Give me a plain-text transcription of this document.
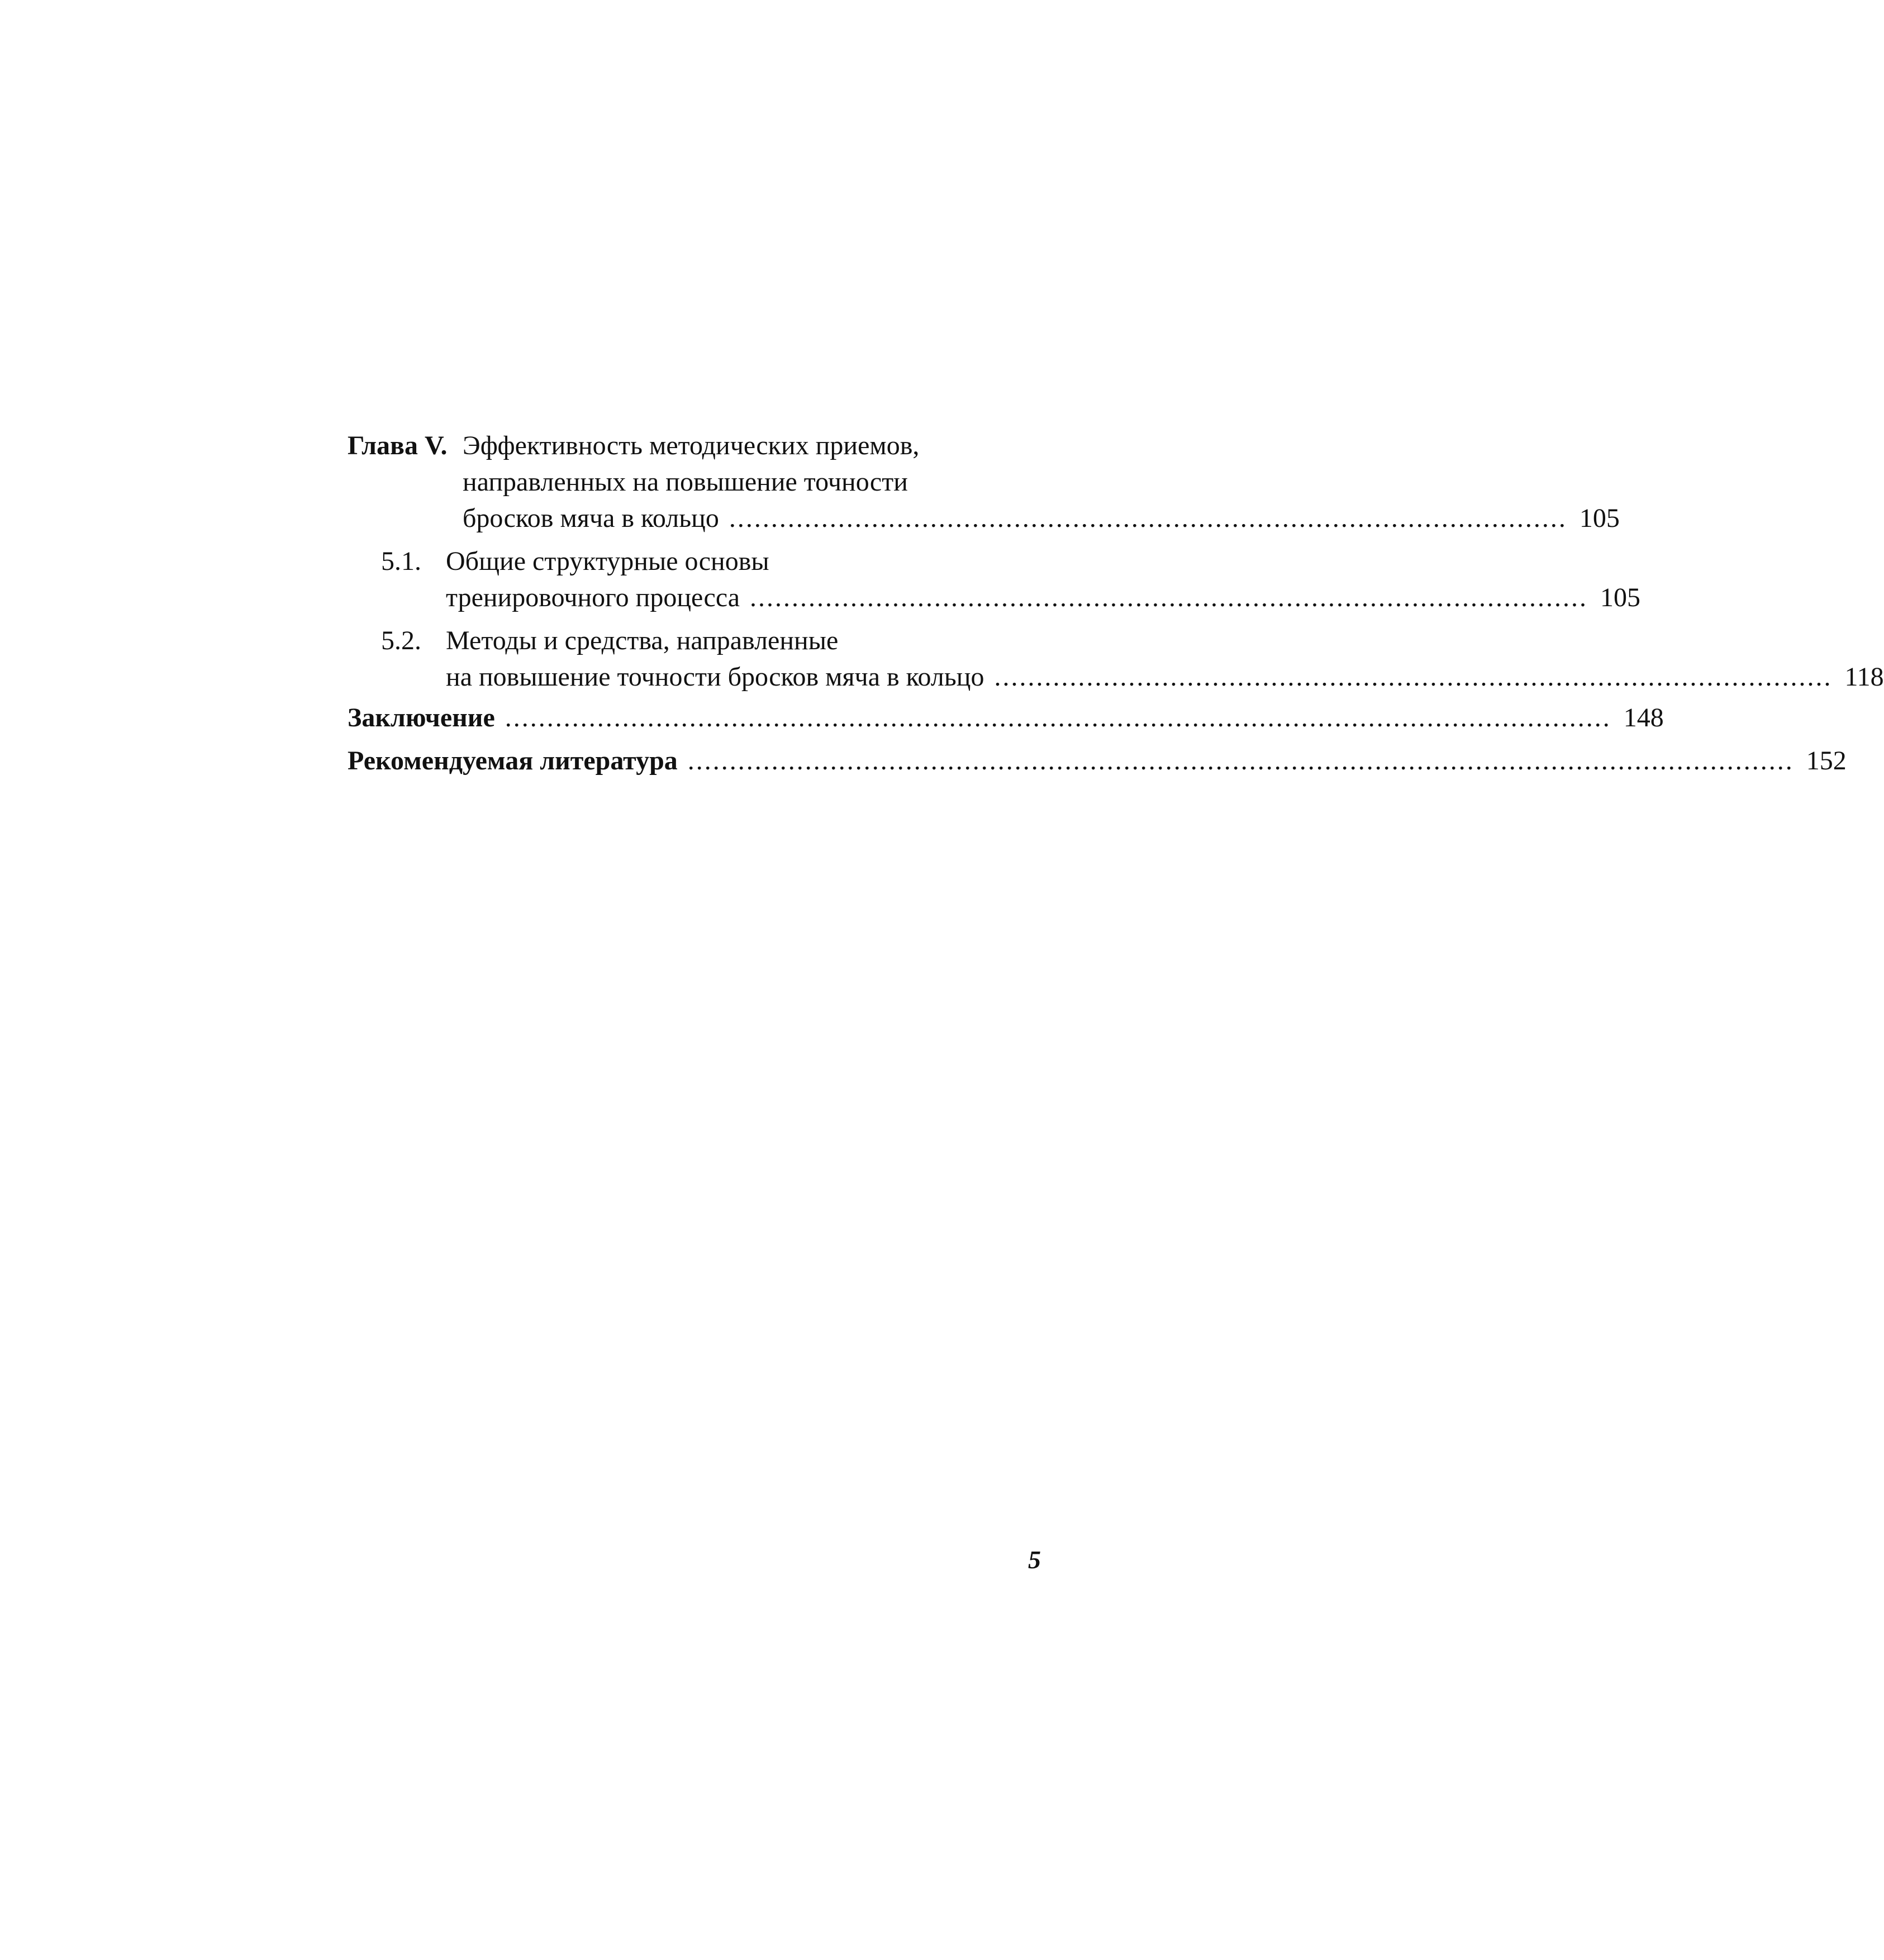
Глава V. Эффективность методических приемов,
направленных на повышение точности
бросков мяча в кольцо .................................................................................................... 105
5.1. Общие структурные основы
тренировочного процесса .................................................................................................... 105
5.2. Методы и средства, направленные
на повышение точности бросков мяча в кольцо .................................................................................................... 118
Заключение .................................................................................................................................... 148
Рекомендуемая литература .................................................................................................................................... 152
5
